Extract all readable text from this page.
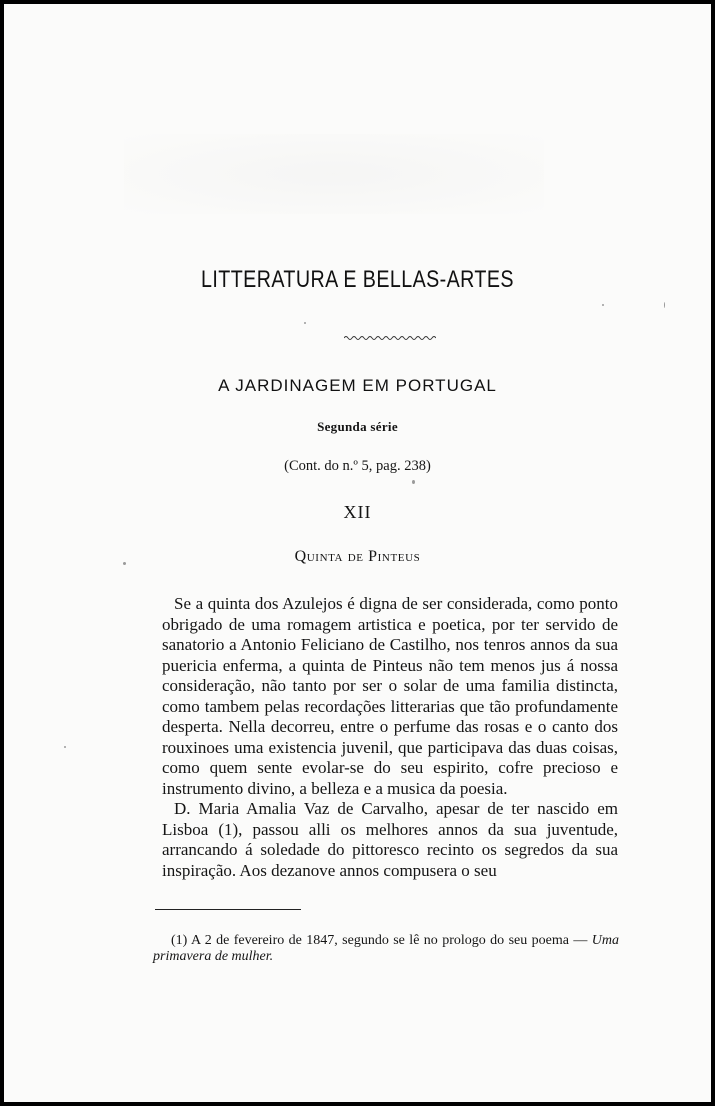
LITTERATURA E BELLAS-ARTES
A JARDINAGEM EM PORTUGAL
Segunda série
(Cont. do n.º 5, pag. 238)
XII
Quinta de Pinteus

Se a quinta dos Azulejos é digna de ser considerada, como ponto obrigado de uma romagem artistica e poetica, por ter servido de sanatorio a Antonio Feliciano de Castilho, nos tenros annos da sua puericia enferma, a quinta de Pinteus não tem menos jus á nossa consideração, não tanto por ser o solar de uma familia distincta, como tambem pelas recordações litterarias que tão profundamente desperta. Nella decorreu, entre o perfume das rosas e o canto dos rouxinoes uma existencia juvenil, que participava das duas coisas, como quem sente evolar-se do seu espirito, cofre precioso e instrumento divino, a belleza e a musica da poesia.

D. Maria Amalia Vaz de Carvalho, apesar de ter nascido em Lisboa (1), passou alli os melhores annos da sua juventude, arrancando á soledade do pittoresco recinto os segredos da sua inspiração. Aos dezanove annos compusera o seu

(1) A 2 de fevereiro de 1847, segundo se lê no prologo do seu poema — Uma primavera de mulher.
